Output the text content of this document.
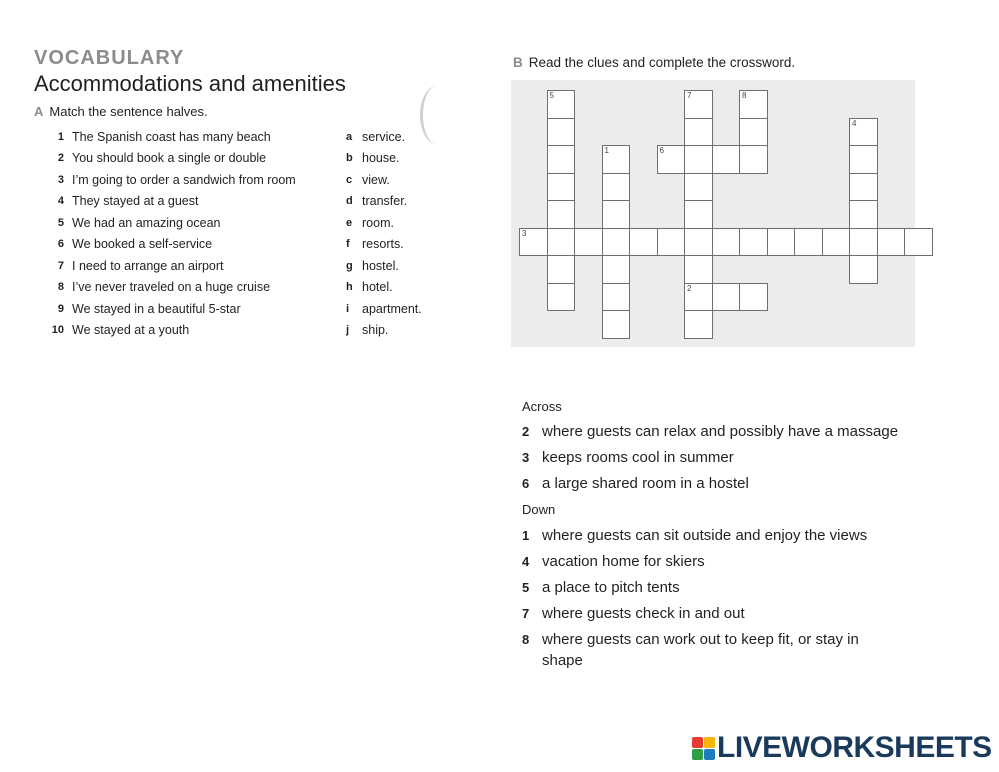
VOCABULARY
Accommodations and amenities
A Match the sentence halves.
1 The Spanish coast has many beach	a service.
2 You should book a single or double	b house.
3 I’m going to order a sandwich from room	c view.
4 They stayed at a guest	d transfer.
5 We had an amazing ocean	e room.
6 We booked a self-service	f resorts.
7 I need to arrange an airport	g hostel.
8 I’ve never traveled on a huge cruise	h hotel.
9 We stayed in a beautiful 5-star	i apartment.
10 We stayed at a youth	j ship.
B Read the clues and complete the crossword.
5	7	8
4
1	6
3
2
Across
2 where guests can relax and possibly have a massage
3 keeps rooms cool in summer
6 a large shared room in a hostel
Down
1 where guests can sit outside and enjoy the views
4 vacation home for skiers
5 a place to pitch tents
7 where guests check in and out
8 where guests can work out to keep fit, or stay in shape
LIVEWORKSHEETS
